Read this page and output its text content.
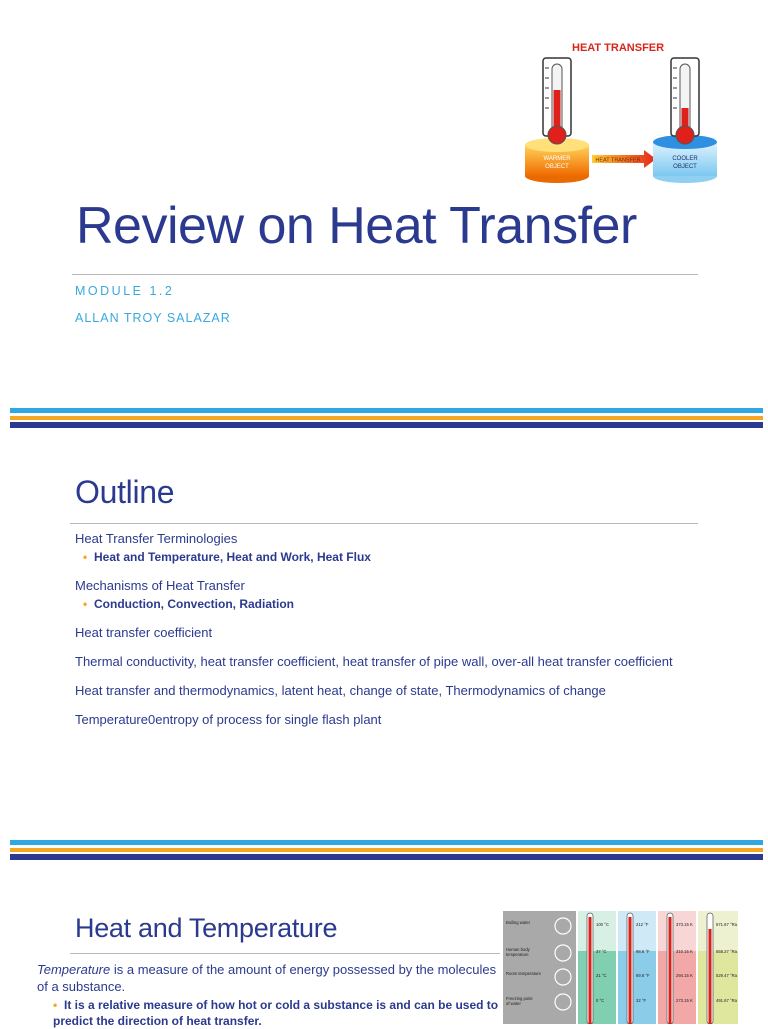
HEAT TRANSFER
WARMER
OBJECT
HEAT TRANSFER	COOLER
OBJECT
Review on Heat Transfer
MODULE 1.2
ALLAN TROY SALAZAR
Outline
Heat Transfer Terminologies
• Heat and Temperature, Heat and Work, Heat Flux
Mechanisms of Heat Transfer
• Conduction, Convection, Radiation
Heat transfer coefficient
Thermal conductivity, heat transfer coefficient, heat transfer of pipe wall, over-all heat transfer coefficient
Heat transfer and thermodynamics, latent heat, change of state, Thermodynamics of change
Temperature0entropy of process for single flash plant
Heat and Temperature
Temperature is a measure of the amount of energy possessed by the molecules of a substance.
• It is a relative measure of how hot or cold a substance is and can be used to predict the direction of heat transfer.
Boiling water	100 °C	212 °F	373.15 K	671.67 °Ra
Human body
temperature
37 °C	98.6 °F	310.15 K	558.27 °Ra
Room temperature	21 °C	69.8 °F	294.15 K	529.47 °Ra
Freezing point
of water
0 °C	32 °F	273.15 K	491.67 °Ra
